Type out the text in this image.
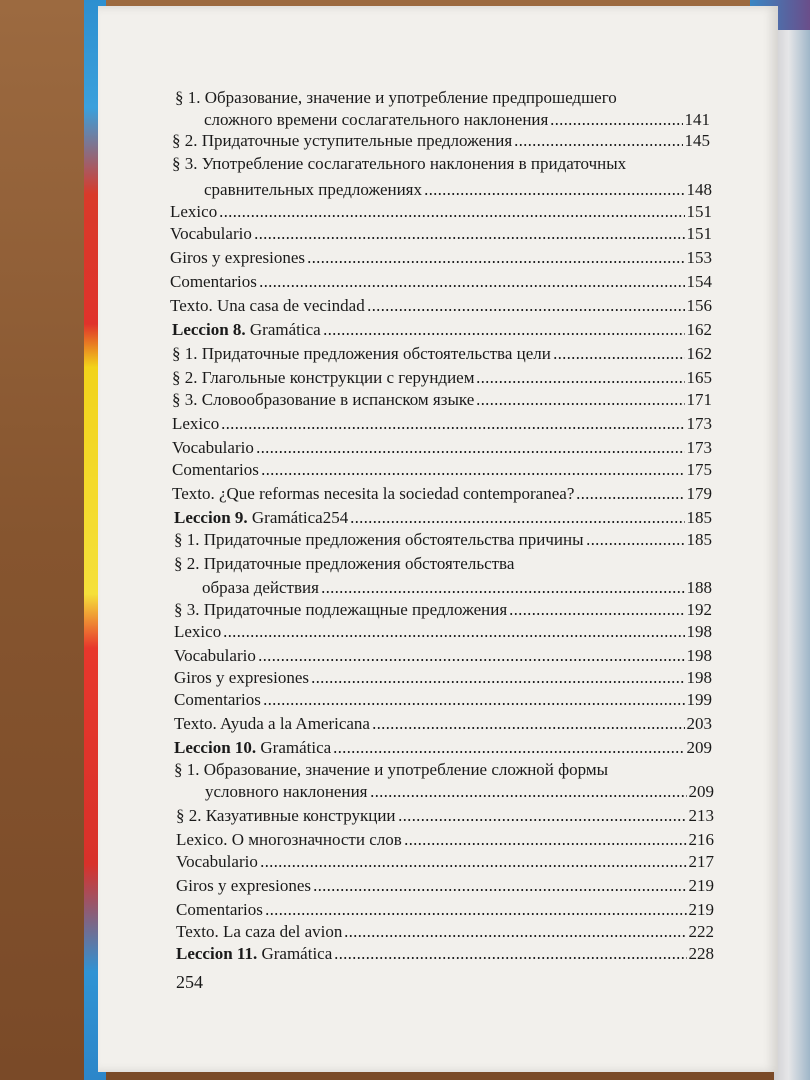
§ 1. Образование, значение и употребление предпрошедшего
сложного времени сослагательного наклонения	141
§ 2. Придаточные уступительные предложения	145
§ 3. Употребление сослагательного наклонения в придаточных
сравнительных предложениях	148
Lexico	151
Vocabulario	151
Giros y expresiones	153
Comentarios	154
Texto. Una casa de vecindad	156
Leccion 8. Gramática	162
§ 1. Придаточные предложения обстоятельства цели	162
§ 2. Глагольные конструкции с герундием	165
§ 3. Словообразование в испанском языке	171
Lexico	173
Vocabulario	173
Comentarios	175
Texto. ¿Que reformas necesita la sociedad contemporanea?	179
Leccion 9. Gramática254	185
§ 1. Придаточные предложения обстоятельства причины	185
§ 2. Придаточные предложения обстоятельства
образа действия	188
§ 3. Придаточные подлежащные предложения	192
Lexico	198
Vocabulario	198
Giros y expresiones	198
Comentarios	199
Texto. Ayuda a la Americana	203
Leccion 10. Gramática	209
§ 1. Образование, значение и употребление сложной формы
условного наклонения	209
§ 2. Казуативные конструкции	213
Lexico. О многозначности слов	216
Vocabulario	217
Giros y expresiones	219
Comentarios	219
Texto. La caza del avion	222
Leccion 11. Gramática	228
254
